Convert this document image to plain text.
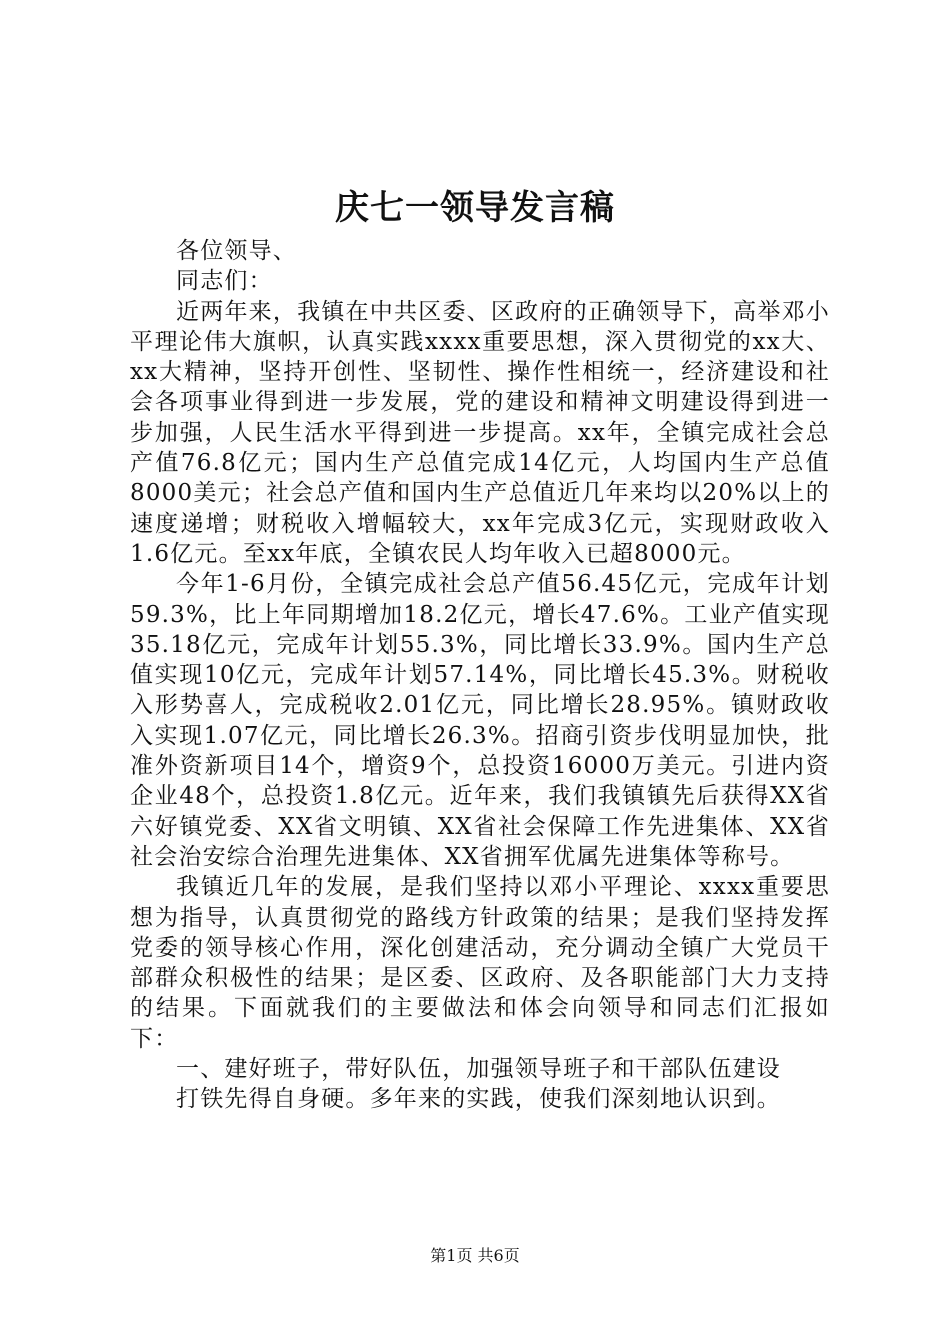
庆七一领导发言稿

各位领导、

同志们：

近两年来，我镇在中共区委、区政府的正确领导下，高举邓小平理论伟大旗帜，认真实践xxxx重要思想，深入贯彻党的xx大、xx大精神，坚持开创性、坚韧性、操作性相统一，经济建设和社会各项事业得到进一步发展，党的建设和精神文明建设得到进一步加强，人民生活水平得到进一步提高。xx年，全镇完成社会总产值76.8亿元；国内生产总值完成14亿元，人均国内生产总值8000美元；社会总产值和国内生产总值近几年来均以20%以上的速度递增；财税收入增幅较大，xx年完成3亿元，实现财政收入1.6亿元。至xx年底，全镇农民人均年收入已超8000元。

今年1-6月份，全镇完成社会总产值56.45亿元，完成年计划59.3%，比上年同期增加18.2亿元，增长47.6%。工业产值实现35.18亿元，完成年计划55.3%，同比增长33.9%。国内生产总值实现10亿元，完成年计划57.14%，同比增长45.3%。财税收入形势喜人，完成税收2.01亿元，同比增长28.95%。镇财政收入实现1.07亿元，同比增长26.3%。招商引资步伐明显加快，批准外资新项目14个，增资9个，总投资16000万美元。引进内资企业48个，总投资1.8亿元。近年来，我们我镇镇先后获得XX省六好镇党委、XX省文明镇、XX省社会保障工作先进集体、XX省社会治安综合治理先进集体、XX省拥军优属先进集体等称号。

我镇近几年的发展，是我们坚持以邓小平理论、xxxx重要思想为指导，认真贯彻党的路线方针政策的结果；是我们坚持发挥党委的领导核心作用，深化创建活动，充分调动全镇广大党员干部群众积极性的结果；是区委、区政府、及各职能部门大力支持的结果。下面就我们的主要做法和体会向领导和同志们汇报如下：

一、建好班子，带好队伍，加强领导班子和干部队伍建设

打铁先得自身硬。多年来的实践，使我们深刻地认识到。

第1页 共6页
